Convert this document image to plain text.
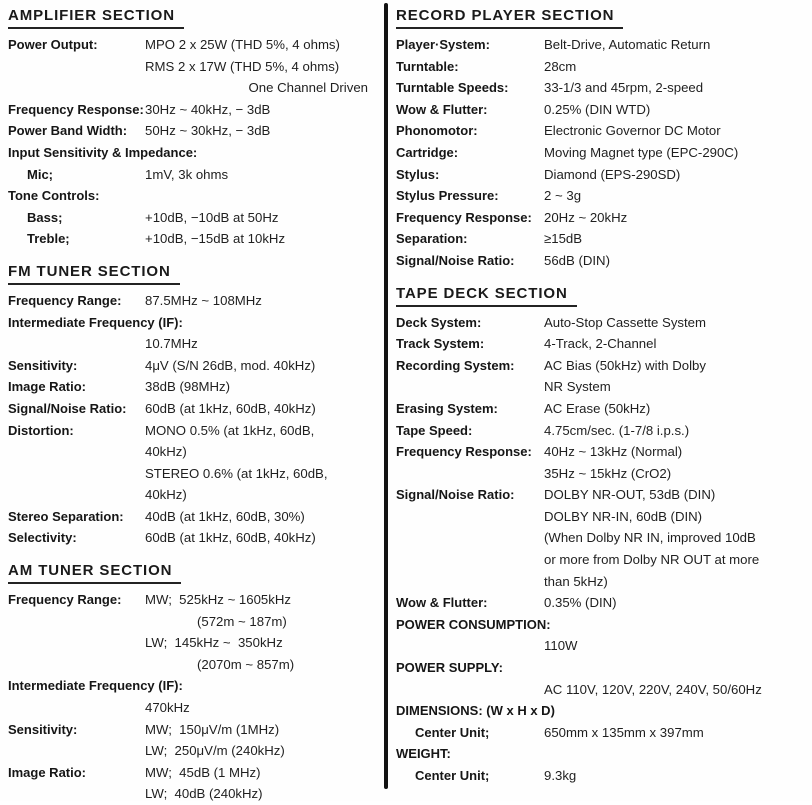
AMPLIFIER SECTION
Power Output:	MPO 2 x 25W (THD 5%, 4 ohms)
RMS 2 x 17W (THD 5%, 4 ohms)
One Channel Driven
Frequency Response: 30Hz ~ 40kHz, − 3dB
Power Band Width:	50Hz ~ 30kHz, − 3dB
Input Sensitivity & Impedance:
Mic;	1mV, 3k ohms
Tone Controls:
Bass;	+10dB, −10dB at 50Hz
Treble;	+10dB, −15dB at 10kHz
FM TUNER SECTION
Frequency Range:	87.5MHz ~ 108MHz
Intermediate Frequency (IF):
10.7MHz
Sensitivity:	4μV (S/N 26dB, mod. 40kHz)
Image Ratio:	38dB (98MHz)
Signal/Noise Ratio:	60dB (at 1kHz, 60dB, 40kHz)
Distortion:	MONO 0.5% (at 1kHz, 60dB,
40kHz)
STEREO 0.6% (at 1kHz, 60dB,
40kHz)
Stereo Separation:	40dB (at 1kHz, 60dB, 30%)
Selectivity:	60dB (at 1kHz, 60dB, 40kHz)
AM TUNER SECTION
Frequency Range:	MW;  525kHz ~ 1605kHz
(572m ~ 187m)
LW;  145kHz ~  350kHz
(2070m ~ 857m)
Intermediate Frequency (IF):
470kHz
Sensitivity:	MW;  150μV/m (1MHz)
LW;  250μV/m (240kHz)
Image Ratio:	MW;  45dB (1 MHz)
LW;  40dB (240kHz)
RECORD PLAYER SECTION
Player·System:	Belt-Drive, Automatic Return
Turntable:	28cm
Turntable Speeds:	33-1/3 and 45rpm, 2-speed
Wow & Flutter:	0.25% (DIN WTD)
Phonomotor:	Electronic Governor DC Motor
Cartridge:	Moving Magnet type (EPC-290C)
Stylus:	Diamond (EPS-290SD)
Stylus Pressure:	2 ~ 3g
Frequency Response: 20Hz ~ 20kHz
Separation:	≥15dB
Signal/Noise Ratio:	56dB (DIN)
TAPE DECK SECTION
Deck System:	Auto-Stop Cassette System
Track System:	4-Track, 2-Channel
Recording System:	AC Bias (50kHz) with Dolby
NR System
Erasing System:	AC Erase (50kHz)
Tape Speed:	4.75cm/sec. (1-7/8 i.p.s.)
Frequency Response: 40Hz ~ 13kHz (Normal)
35Hz ~ 15kHz (CrO2)
Signal/Noise Ratio:	DOLBY NR-OUT, 53dB (DIN)
DOLBY NR-IN, 60dB (DIN)
(When Dolby NR IN, improved 10dB
or more from Dolby NR OUT at more
than 5kHz)
Wow & Flutter:	0.35% (DIN)
POWER CONSUMPTION:
110W
POWER SUPPLY:
AC 110V, 120V, 220V, 240V, 50/60Hz
DIMENSIONS: (W x H x D)
Center Unit;	650mm x 135mm x 397mm
WEIGHT:
Center Unit;	9.3kg
